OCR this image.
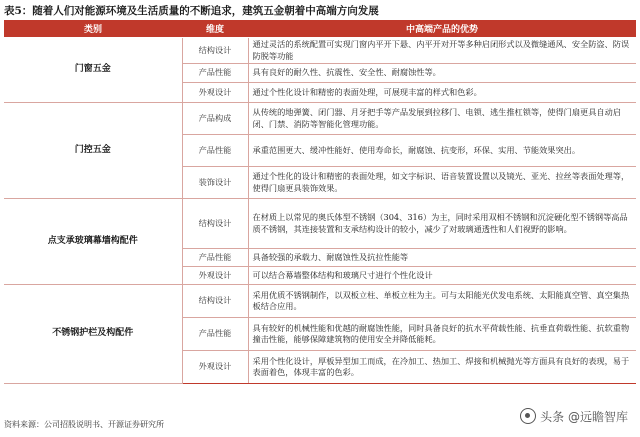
表5：随着人们对能源环境及生活质量的不断追求，建筑五金朝着中高端方向发展
类别	维度	中高端产品的优势
门窗五金	结构设计	通过灵活的系统配置可实现门窗内平开下悬、内平开对开等多种启闭形式以及微缝通风、安全防盗、防误防脱等功能
	产品性能	具有良好的耐久性、抗震性、安全性、耐腐蚀性等。
	外观设计	通过个性化设计和精密的表面处理，可展现丰富的样式和色彩。
门控五金	产品构成	从传统的地弹簧、闭门器、月牙把手等产品发展到拉移门、电锁、逃生推杠锁等，使得门扇更具自动启闭、门禁、消防等智能化管理功能。
	产品性能	承重范围更大、缓冲性能好、使用寿命长，耐腐蚀、抗变形，环保、实用、节能效果突出。
	装饰设计	通过个性化的设计和精密的表面处理，如文字标识、语音装置设置以及镜光、亚光、拉丝等表面处理等，使得门扇更具装饰效果。
点支承玻璃幕墙构配件	结构设计	在材质上以常见的奥氏体型不锈钢（304、316）为主，同时采用双相不锈钢和沉淀硬化型不锈钢等高品质不锈钢，其连接装置和支承结构设计的较小，减少了对玻璃通透性和人们视野的影响。
	产品性能	具备较强的承载力、耐腐蚀性及抗拉性能等
	外观设计	可以结合幕墙整体结构和玻璃尺寸进行个性化设计
不锈钢护栏及构配件	结构设计	采用优质不锈钢制作，以双板立柱、单板立柱为主。可与太阳能光伏发电系统、太阳能真空管、真空集热板结合应用。
	产品性能	具有较好的机械性能和优越的耐腐蚀性能，同时具备良好的抗水平荷载性能、抗垂直荷载性能、抗软重物撞击性能，能够保障建筑物的使用安全并降低能耗。
	外观设计	采用个性化设计，厚板异型加工而成，在冷加工、热加工、焊接和机械抛光等方面具有良好的表现，易于表面着色，体现丰富的色彩。
资料来源：公司招股说明书、开源证券研究所
头条 @远瞻智库
